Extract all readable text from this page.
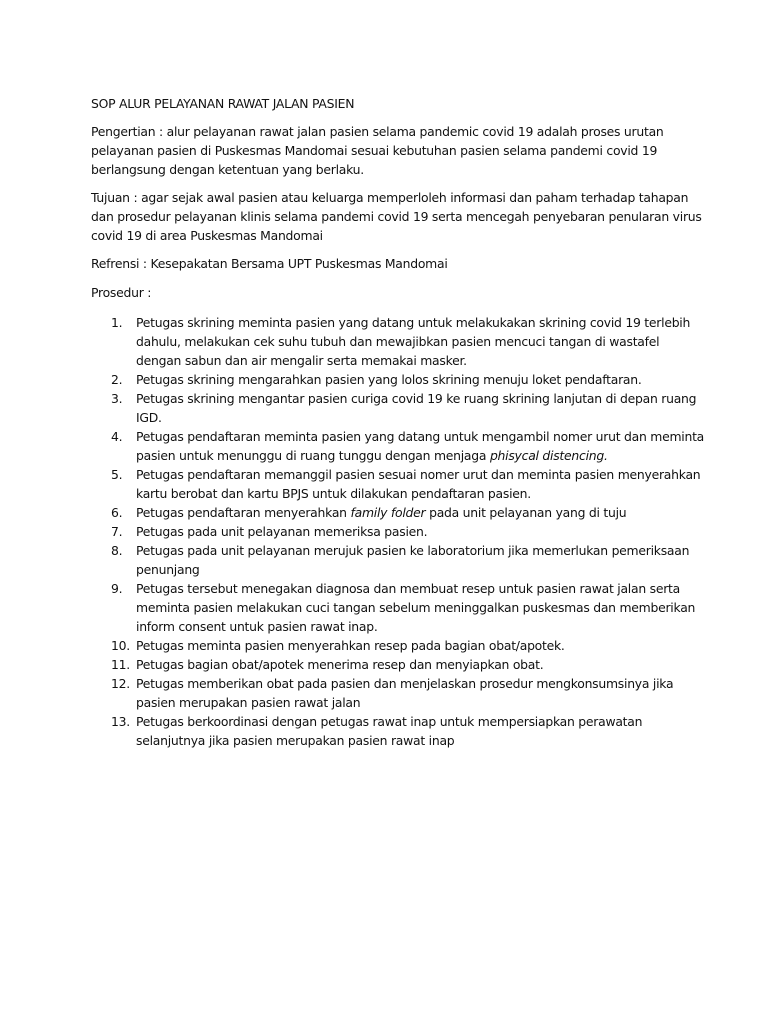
SOP ALUR PELAYANAN RAWAT JALAN PASIEN
Pengertian : alur pelayanan rawat jalan pasien selama pandemic covid 19 adalah proses urutan pelayanan pasien di Puskesmas Mandomai sesuai kebutuhan pasien selama pandemi covid 19 berlangsung dengan ketentuan yang berlaku.
Tujuan : agar sejak awal pasien atau keluarga memperloleh informasi dan paham terhadap tahapan dan prosedur pelayanan klinis selama pandemi covid 19 serta mencegah penyebaran penularan virus covid 19 di area Puskesmas Mandomai
Refrensi : Kesepakatan Bersama UPT Puskesmas Mandomai
Prosedur :
1.	Petugas skrining meminta pasien yang datang untuk melakukakan skrining covid 19 terlebih dahulu, melakukan cek suhu tubuh dan mewajibkan pasien mencuci tangan di wastafel dengan sabun dan air mengalir serta memakai masker.
2.	Petugas skrining mengarahkan pasien yang lolos skrining menuju loket pendaftaran.
3.	Petugas skrining mengantar pasien curiga covid 19 ke ruang skrining lanjutan di depan ruang IGD.
4.	Petugas pendaftaran meminta pasien yang datang untuk mengambil nomer urut dan meminta pasien untuk menunggu di ruang tunggu dengan menjaga phisycal distencing.
5.	Petugas pendaftaran memanggil pasien sesuai nomer urut dan meminta pasien menyerahkan kartu berobat dan kartu BPJS untuk dilakukan pendaftaran pasien.
6.	Petugas pendaftaran menyerahkan family folder pada unit pelayanan yang di tuju
7.	Petugas pada unit pelayanan memeriksa pasien.
8.	Petugas pada unit pelayanan merujuk pasien ke laboratorium jika memerlukan pemeriksaan penunjang
9.	Petugas tersebut menegakan diagnosa dan membuat resep untuk pasien rawat jalan serta meminta pasien melakukan cuci tangan sebelum meninggalkan puskesmas dan memberikan inform consent untuk pasien rawat inap.
10. Petugas meminta pasien menyerahkan resep pada bagian obat/apotek.
11. Petugas bagian obat/apotek menerima resep dan menyiapkan obat.
12. Petugas memberikan obat pada pasien dan menjelaskan prosedur mengkonsumsinya jika pasien merupakan pasien rawat jalan
13. Petugas berkoordinasi dengan petugas rawat inap untuk mempersiapkan perawatan selanjutnya jika pasien merupakan pasien rawat inap
